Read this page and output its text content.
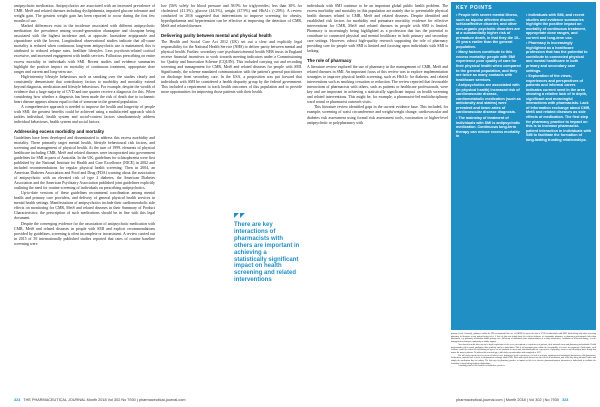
antipsychotic medication. Antipsychotics are associated with an increased prevalence of CMR. MetS and related diseases including dyslipidaemia, impaired glucose tolerance and weight gain. The greatest weight gain has been reported to occur during the first few months of use.

Marked differences exist in the incidence associated with different antipsychotic medication: the prevalence among second-generation olanzapine and clozapine being associated with the highest incidence and, at opposite, lurasidone aripiprazole and ziprasidone with the lowest. Longitudinal observational studies indicate that all-cause mortality is reduced when continuous long-term antipsychotic use is maintained; this is attributed to reduced relapse rates, healthier lifestyles. Less psychosis-related cortisol excessive, and increased engagement with health services. Fallacious prescribing on entire excess mortality in individuals with SMI. Recent studies and evidence summaries highlight the positive impact on mortality of continuous treatment, appropriate dose ranges and current and long-term use.

High-intensity lifestyle behaviours such as smoking over the studies clearly and consistently demonstrate that contributory factors to morbidity and mortality extend beyond diagnosis, medication and lifestyle behaviours. For example, despite the wealth of evidence that a large majority of CVD and one quarter receive a diagnosis for this. When considering how whether a diagnosis has been made the risk of death due to ischaemic heart disease appears almost equal to that of someone in the general population.

A comprehensive approach is needed to improve the health and longevity of people with SMI; the greatest benefits could be achieved using a multifaceted approach which tackles individual, health system and social-context factors simultaneously address individual behaviours, health system and social factors.

Addressing excess morbidity and mortality

Guidelines have been developed and disseminated to address this excess morbidity and mortality. These primarily target mental health, lifestyle behavioural risk factors, and screening and management of physical health. At the turn of 1999, elements of physical healthcare including CMR, MetS and related diseases were incorporated into government guidelines for SMI in parts of Australia. In the UK, guidelines for schizophrenia were first published by the National Institute for Health and Care Excellence (NICE) in 2002 and included recommendations for regular physical health screening. Then in 2004, an American Diabetes Association and Food and Drug (FDA) warning about the association of antipsychotic with an elevated risk of type 2 diabetes, the American Diabetes Association and the American Psychiatry Association published joint guidelines explicitly outlining the need for routine screening of individuals on prescribing antipsychotics.

Up-to-date versions of these guidelines recommend coordination among mental health and primary care providers, and delivery of general physical health services in mental health settings. Manifestations of antipsychotics include their cardiometabolic side effects on monitoring for CMR, MetS and related diseases in their Summary of Product Characteristics; the prescription of such medications should be in line with this legal document.

Despite the converging evidence for the association of antipsychotic medication with CMR, MetS and related diseases in people with SMI and explicit recommendations provided by guidelines, screening is often incomplete or inconsistent. A review carried out in 2015 of 39 internationally published studies reported that rates of routine baseline screening were

low (56% solely for blood pressure and 58.9% for triglycerides; less than 30% for cholesterol (41.3%), glucose (44.5%), weight (47.9%) and HbA1c (<20%). A review conducted in 2016 suggested that interventions to improve screening for obesity, hyperlipidaemia and hypertension can be effective at improving the detection of CMR, MetS and related diseases.

Delivering parity between mental and physical health

The Health and Social Care Act 2012 (UK) set out a clear and explicitly legal responsibility for the National Health Service (NHS) to deliver parity between mental and physical health. Further, secondary care psychiatric/mental health NHS trusts in England receive financial incentives to work towards meeting indicators under a Commissioning for Quality and Innovation Scheme (CQUIN). This included carrying out and recording screening and management for CMR, MetS and related diseases for people with SMI. Significantly, the scheme mandated communication with the patient's general practitioner on discharge from secondary care. In the USA, a proposition was put forward that individuals with SMI be considered a health disparity group by the federal government. This included a requirement to track health outcomes of this population and to provide more opportunities for improving those patients with their health.

There are key interactions of pharmacists with others are important in achieving a statistically significant impact on health screening and related interventions

individuals with SMI continue to be an important global public health problem. The excess morbidity and mortality in this population are mainly due to preventable physical health diseases related to CMR, MetS and related diseases. Despite identified and established risk factors for morbidity and premature mortality, evidence for effective interventions for CMR, MetS and related diseases in people with SMI is limited. Pharmacy is increasingly being highlighted as a profession that has the potential to contribute to connected physical and mental healthcare in both primary and secondary care settings. However, robust high-quality research supporting the role of pharmacy providing care for people with SMI is limited and focusing upon individuals with SMI is lacking.

The role of pharmacy

A literature review explored the use of pharmacy in the management of CMR, MetS and related diseases in SMI. An important focus of this review was to explore implementation strategies to improve physical health screening, such as HbA1c for diabetes, and related interventions such as smoking cessation or reduction. The review reported that favourable interactions of pharmacists with others, such as patients or healthcare professionals, were key and are important in achieving a statistically significant impact on health screening and related interventions. This might be, for example, a pharmacist-led multidisciplinary ward round or pharmacist outreach visits.

This literature review identified gaps in the current evidence base. This included, for example, screening of waist circumference and weight/weight change, cardiovascular and diabetes risk assessment using formal risk assessment tools, vaccination or higher-level antipsychotic or polypharmacy with

KEY POINTS

• People with severe mental illness, such as bipolar affective disorder, schizoaffective disorder, and other non-organic psychotic disorders are at a substantially higher risk of premature death, in that they die 15–20 years earlier than the general population.

• Many factors contribute to this excess mortality: people with SMI experience poor quality of care for their physical health when compared to the general population, and they are twice as many contacts with healthcare services.

• Antipsychotics are associated with (in physical health) increased risk of cardiovascular disease, cardiometabolic medication (such as antiobesity and statins) were prevalent and lower-rates of cardiovascular disease diagnosis.

• The mainstay of treatment of individuals with SMI is antipsychotic medication. Continuous long-term therapy can reduce excess mortality in

• individuals with SMI, and recent studies and evidence summaries highlight the positive impact on mortality of continuous treatment, appropriate dose ranges, and current and long-term use.

• Pharmacy is increasingly highlighted as a healthcare profession that has the potential to contribute to connected physical and mental healthcare in both primary and secondary care settings.

• Exploration of the views, experiences and perspectives of patients and informal carers indicates current need in the area showing a relative lack of in depth, significant and meaningful interactions with pharmacists. Lack of information exchange about CMR, MetS and related diseases as side effects of medication. The first step for pharmacy practice to impact on this is to increase pharmacist-patient interaction in individuals with SMI to facilitate the formation of long-lasting trusting relationships.

primary levels. Currently, guidance within the UK recommended the use of QRISK to assess the risk of CVD in individuals with SMI. Interlocking with other screening pharmacy in literature in any patient facing roles. A lack of data was found about the relative influence of community pharmacy or pharmacy professionals other than pharmacist, e.g. pharmacy technicians within primary care, follow-up of individuals after implementation of a study intervention, evaluation of behaviour change, or self-management techniques community or family support.

Also absent from the data was an in depth exploration of the views, perceptions or experiences of patients, their informal carers and pharmacy professionals. Health professionals reflect formal qualitative data synthesis had been undertaken. This is an important point within the acceptability of service developments. Furthermore, such evidence would be critical in establishing an agreed set of standards to assess and understand patients' experiences of pharmacy services and identifying those things that matter the most to patients. To address this research gap, a full study was undertaken and completed in 2017.

The full study reported two key areas of interest were fragmented in the experiences of a lack of in depth, significant and meaningful interactions with pharmacists. Furthermore, patients have a desire for information exchange about CMR, MetS and related diseases as side effects of medication, and when they bring informed earlier and simply the medication they are taking. The first step for pharmacy practice to impact on this is to increase pharmacist-patient interaction in individuals to facilitate the formation of long-lasting trusting relationships.

A starting point for this could be to build these practices

323 THE PHARMACEUTICAL JOURNAL Month 2018 Vol 302 No 7930 | pharmaceutical-journal.com	pharmaceutical-journal.com | Month 2018 | Vol 302 | No 7930 323
